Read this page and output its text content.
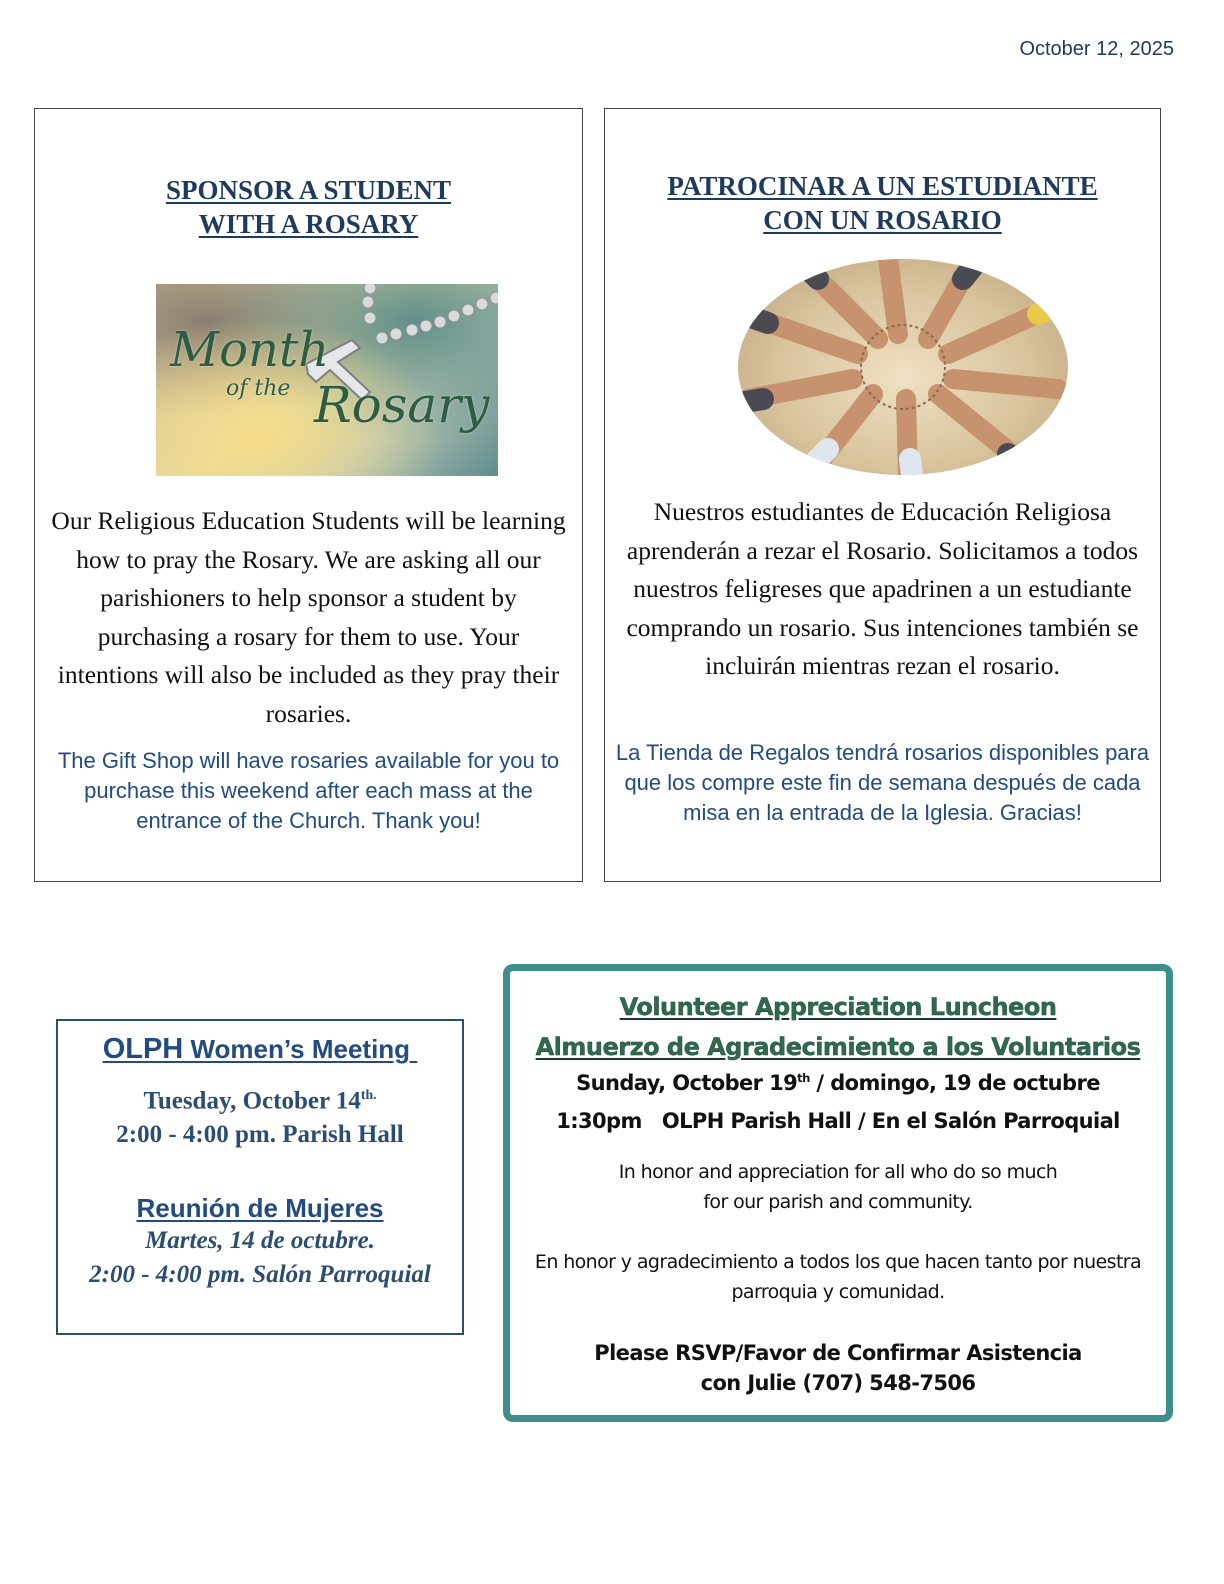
October 12, 2025
SPONSOR A STUDENT
WITH A ROSARY
Month
of the Rosary
Our Religious Education Students will be learning how to pray the Rosary. We are asking all our parishioners to help sponsor a student by purchasing a rosary for them to use. Your intentions will also be included as they pray their rosaries.
The Gift Shop will have rosaries available for you to purchase this weekend after each mass at the entrance of the Church. Thank you!
PATROCINAR A UN ESTUDIANTE
CON UN ROSARIO
Nuestros estudiantes de Educación Religiosa aprenderán a rezar el Rosario. Solicitamos a todos nuestros feligreses que apadrinen a un estudiante comprando un rosario. Sus intenciones también se incluirán mientras rezan el rosario.
La Tienda de Regalos tendrá rosarios disponibles para que los compre este fin de semana después de cada misa en la entrada de la Iglesia. Gracias!
OLPH Women’s Meeting
Tuesday, October $14^{th.}$
2:00 - 4:00 pm. Parish Hall
Reunión de Mujeres
Martes, 14 de octubre.
2:00 - 4:00 pm. Salón Parroquial
Volunteer Appreciation Luncheon
Almuerzo de Agradecimiento a los Voluntarios
Sunday, October 19th / domingo, 19 de octubre
1:30pm   OLPH Parish Hall / En el Salón Parroquial
In honor and appreciation for all who do so much for our parish and community.
En honor y agradecimiento a todos los que hacen tanto por nuestra parroquia y comunidad.
Please RSVP/Favor de Confirmar Asistencia
con Julie (707) 548-7506
